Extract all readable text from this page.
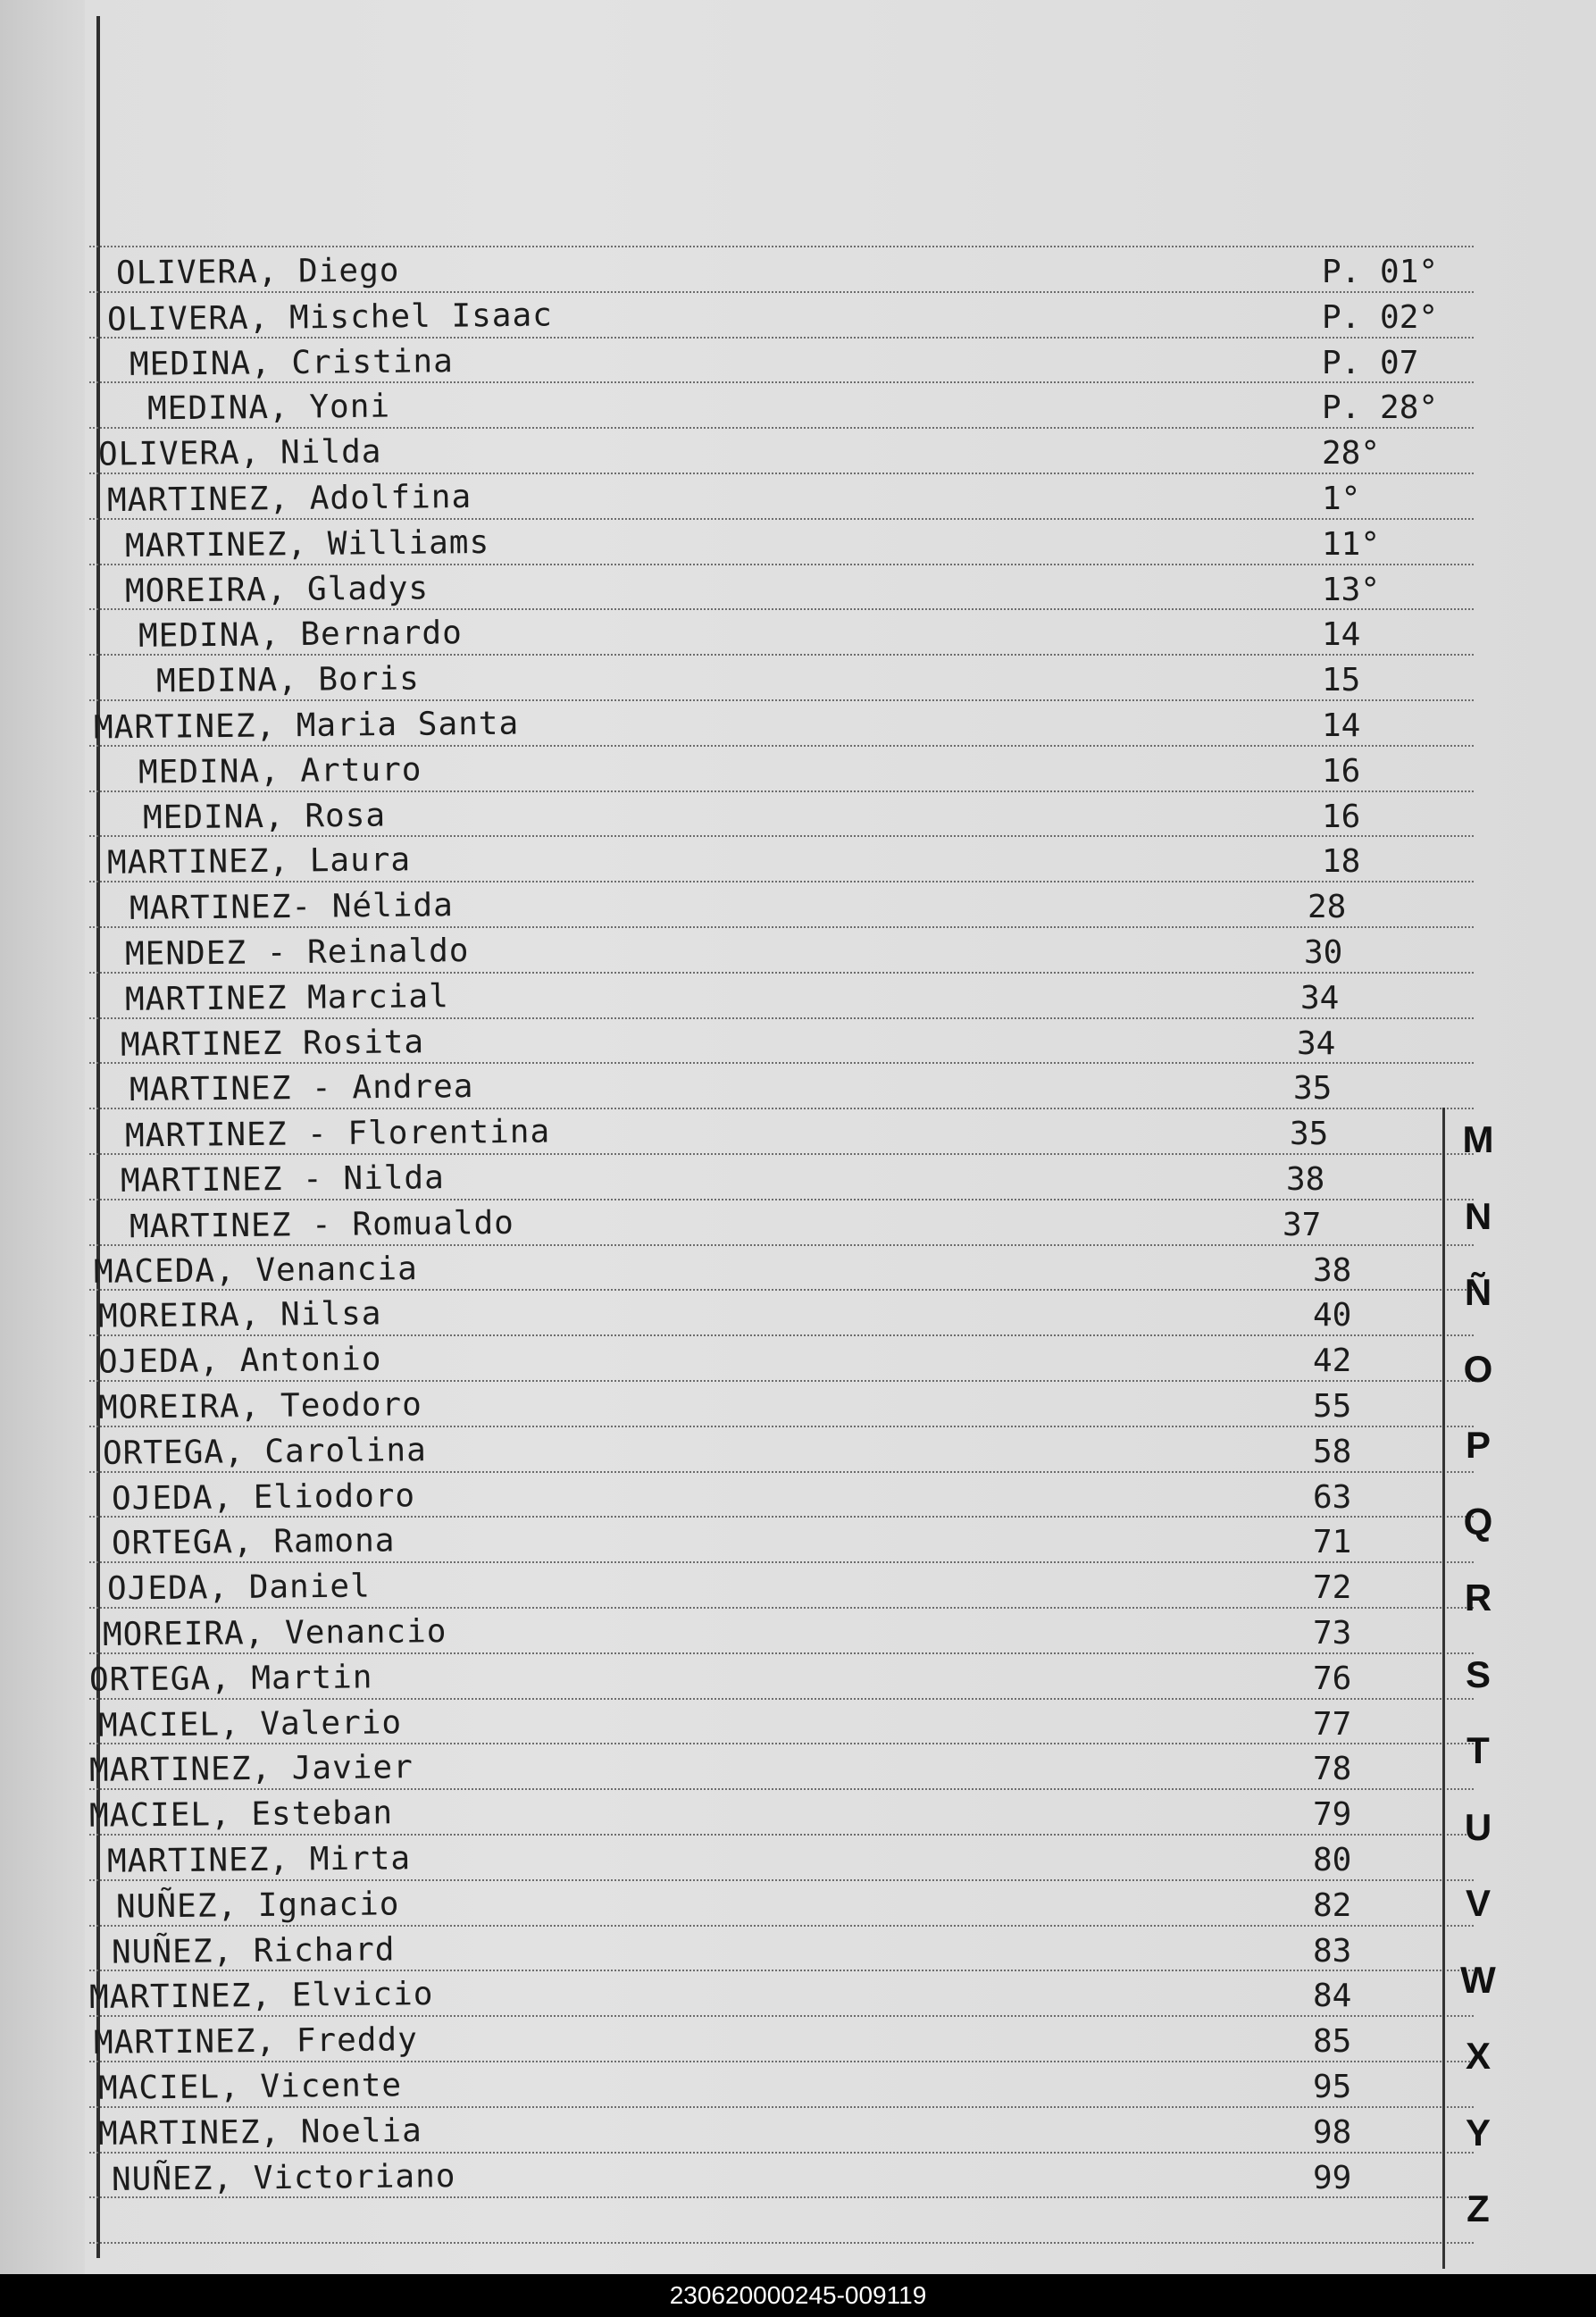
OLIVERA, Diego	P. 01°
OLIVERA, Mischel Isaac	P. 02°
MEDINA, Cristina	P. 07
MEDINA, Yoni	P. 28°
OLIVERA, Nilda	28°
MARTINEZ, Adolfina	1°
MARTINEZ, Williams	11°
MOREIRA, Gladys	13°
MEDINA, Bernardo	14
MEDINA, Boris	15
MARTINEZ, Maria Santa	14
MEDINA, Arturo	16
MEDINA, Rosa	16
MARTINEZ, Laura	18
MARTINEZ- Nélida	28
MENDEZ - Reinaldo	30
MARTINEZ Marcial	34
MARTINEZ Rosita	34
MARTINEZ - Andrea	35
MARTINEZ - Florentina	35
MARTINEZ - Nilda	38
MARTINEZ - Romualdo	37
MACEDA, Venancia	38
MOREIRA, Nilsa	40
OJEDA, Antonio	42
MOREIRA, Teodoro	55
ORTEGA, Carolina	58
OJEDA, Eliodoro	63
ORTEGA, Ramona	71
OJEDA, Daniel	72
MOREIRA, Venancio	73
ORTEGA, Martin	76
MACIEL, Valerio	77
MARTINEZ, Javier	78
MACIEL, Esteban	79
MARTINEZ, Mirta	80
NUÑEZ, Ignacio	82
NUÑEZ, Richard	83
MARTINEZ, Elvicio	84
MARTINEZ, Freddy	85
MACIEL, Vicente	95
MARTINEZ, Noelia	98
NUÑEZ, Victoriano	99
M
N
Ñ
O
P
Q
R
S
T
U
V
W
X
Y
Z
230620000245-009119
